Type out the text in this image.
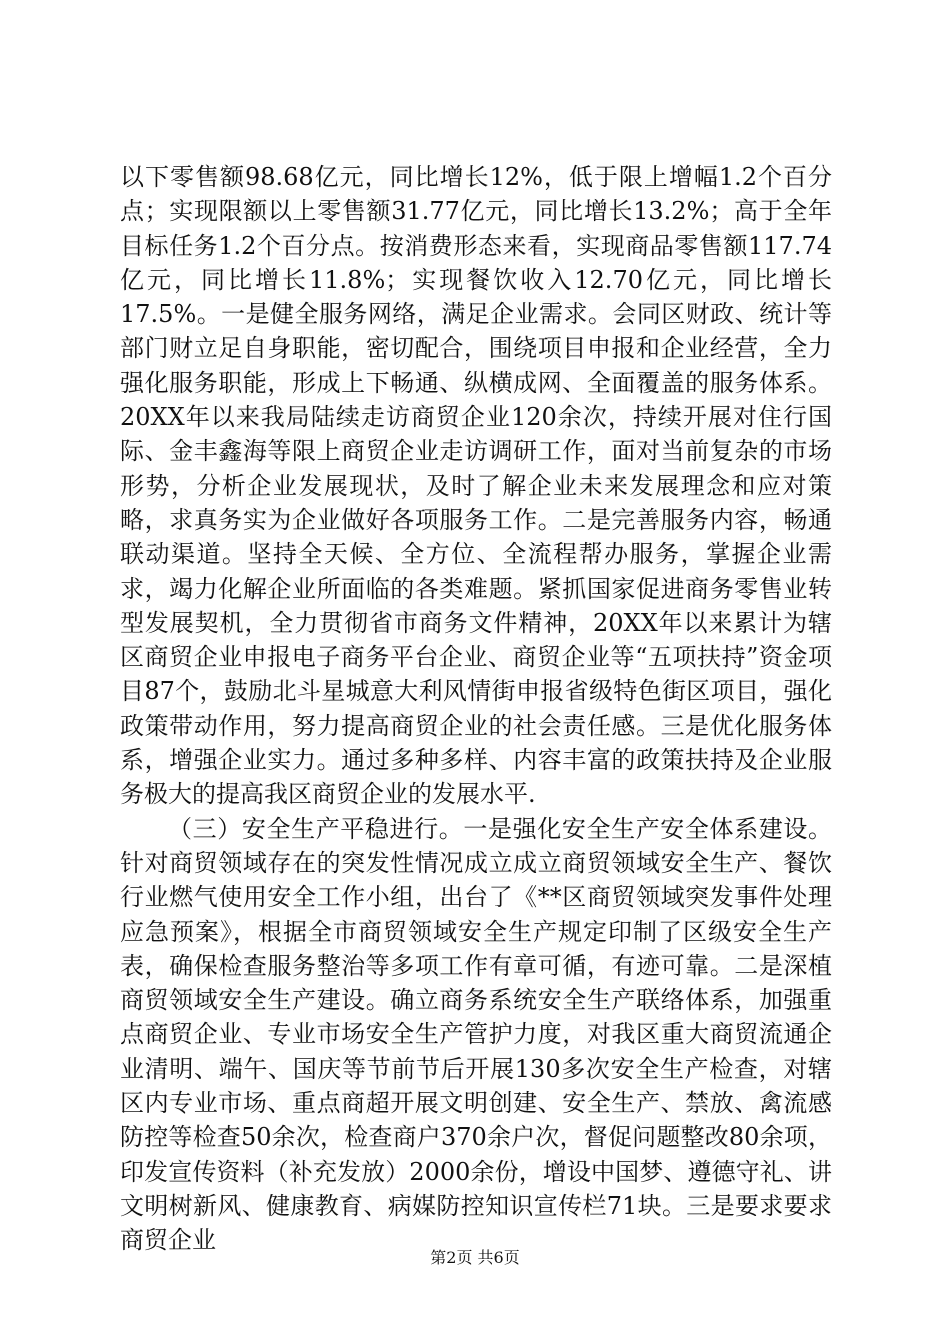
以下零售额98.68亿元，同比增长12%，低于限上增幅1.2个百分点；实现限额以上零售额31.77亿元，同比增长13.2%；高于全年目标任务1.2个百分点。按消费形态来看，实现商品零售额117.74亿元，同比增长11.8%；实现餐饮收入12.70亿元，同比增长17.5%。一是健全服务网络，满足企业需求。会同区财政、统计等部门财立足自身职能，密切配合，围绕项目申报和企业经营，全力强化服务职能，形成上下畅通、纵横成网、全面覆盖的服务体系。20XX年以来我局陆续走访商贸企业120余次，持续开展对住行国际、金丰鑫海等限上商贸企业走访调研工作，面对当前复杂的市场形势，分析企业发展现状，及时了解企业未来发展理念和应对策略，求真务实为企业做好各项服务工作。二是完善服务内容，畅通联动渠道。坚持全天候、全方位、全流程帮办服务，掌握企业需求，竭力化解企业所面临的各类难题。紧抓国家促进商务零售业转型发展契机，全力贯彻省市商务文件精神，20XX年以来累计为辖区商贸企业申报电子商务平台企业、商贸企业等“五项扶持”资金项目87个，鼓励北斗星城意大利风情街申报省级特色街区项目，强化政策带动作用，努力提高商贸企业的社会责任感。三是优化服务体系，增强企业实力。通过多种多样、内容丰富的政策扶持及企业服务极大的提高我区商贸企业的发展水平.

（三）安全生产平稳进行。一是强化安全生产安全体系建设。针对商贸领域存在的突发性情况成立成立商贸领域安全生产、餐饮行业燃气使用安全工作小组，出台了《**区商贸领域突发事件处理应急预案》，根据全市商贸领域安全生产规定印制了区级安全生产表，确保检查服务整治等多项工作有章可循，有迹可靠。二是深植商贸领域安全生产建设。确立商务系统安全生产联络体系，加强重点商贸企业、专业市场安全生产管护力度，对我区重大商贸流通企业清明、端午、国庆等节前节后开展130多次安全生产检查，对辖区内专业市场、重点商超开展文明创建、安全生产、禁放、禽流感防控等检查50余次，检查商户370余户次，督促问题整改80余项，印发宣传资料（补充发放）2000余份，增设中国梦、遵德守礼、讲文明树新风、健康教育、病媒防控知识宣传栏71块。三是要求要求商贸企业

第2页 共6页
